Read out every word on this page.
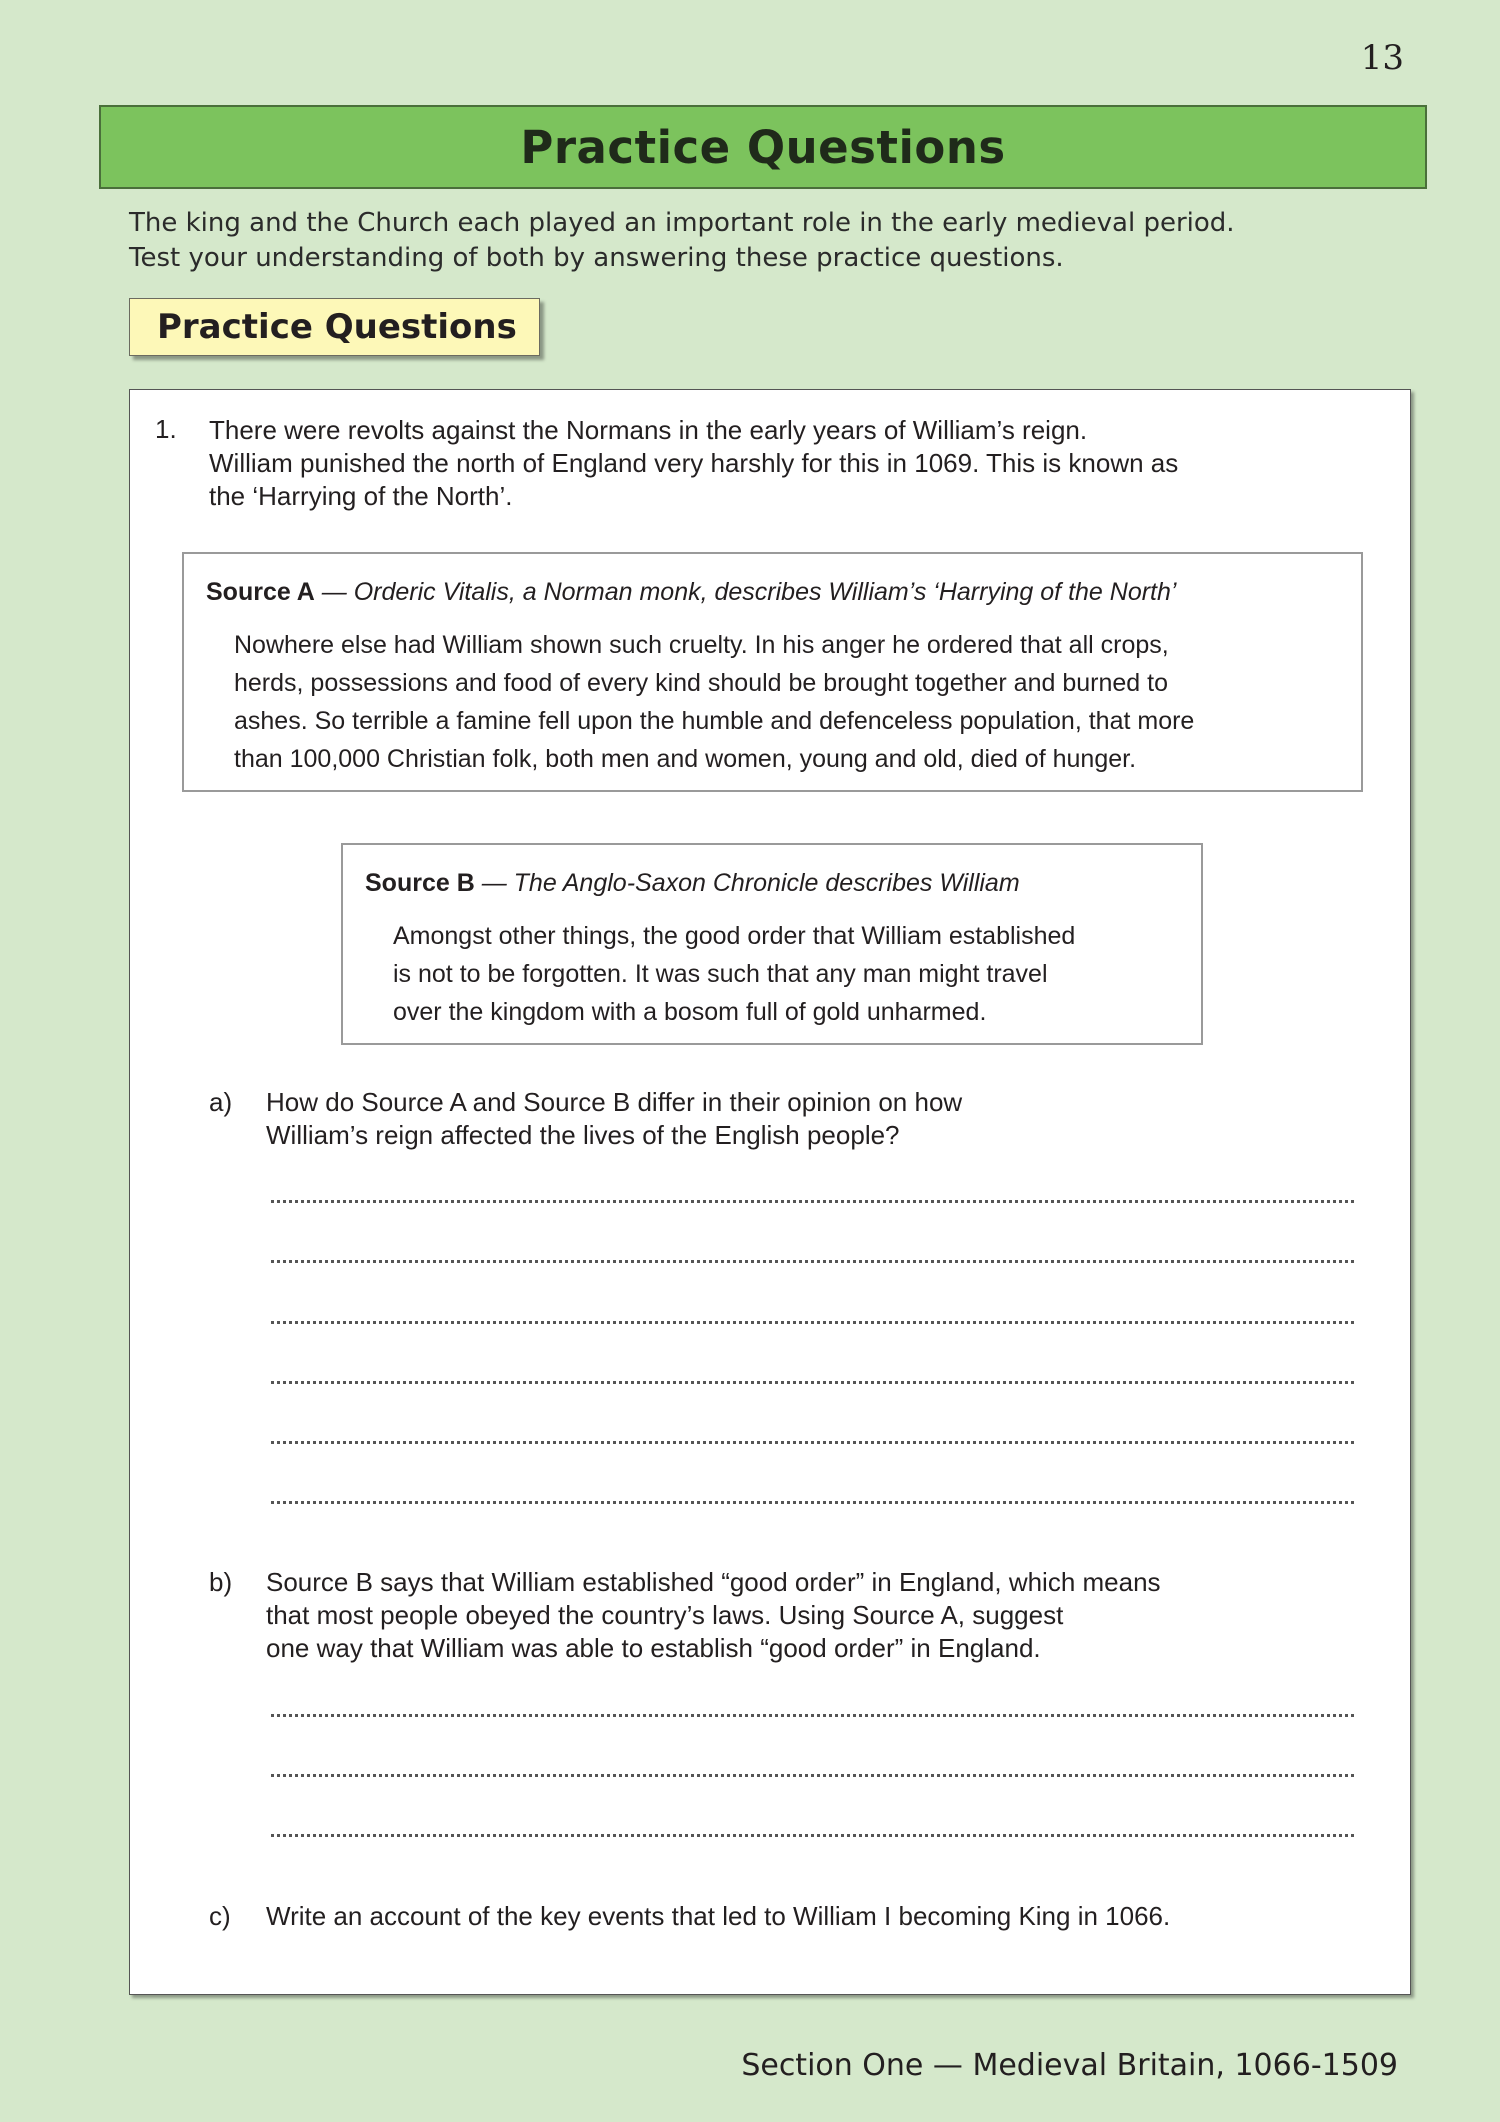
13
Practice Questions
The king and the Church each played an important role in the early medieval period.
Test your understanding of both by answering these practice questions.
Practice Questions
1. There were revolts against the Normans in the early years of William’s reign.
William punished the north of England very harshly for this in 1069. This is known as
the ‘Harrying of the North’.
Source A — Orderic Vitalis, a Norman monk, describes William’s ‘Harrying of the North’
Nowhere else had William shown such cruelty. In his anger he ordered that all crops,
herds, possessions and food of every kind should be brought together and burned to
ashes. So terrible a famine fell upon the humble and defenceless population, that more
than 100,000 Christian folk, both men and women, young and old, died of hunger.
Source B — The Anglo-Saxon Chronicle describes William
Amongst other things, the good order that William established
is not to be forgotten. It was such that any man might travel
over the kingdom with a bosom full of gold unharmed.
a) How do Source A and Source B differ in their opinion on how
William’s reign affected the lives of the English people?
b) Source B says that William established “good order” in England, which means
that most people obeyed the country’s laws. Using Source A, suggest
one way that William was able to establish “good order” in England.
c) Write an account of the key events that led to William I becoming King in 1066.
Section One — Medieval Britain, 1066-1509
